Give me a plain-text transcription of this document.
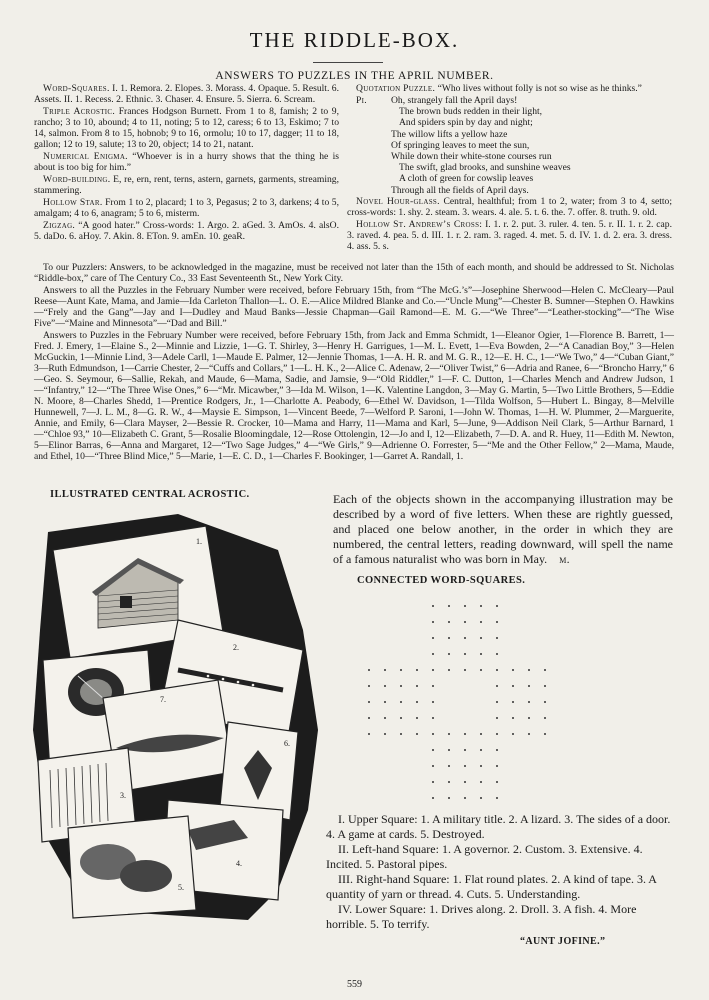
THE RIDDLE-BOX.
ANSWERS TO PUZZLES IN THE APRIL NUMBER.

Word-Squares. I. 1. Remora. 2. Elopes. 3. Morass. 4. Opaque. 5. Result. 6. Assets. II. 1. Recess. 2. Ethnic. 3. Chaser. 4. Ensure. 5. Sierra. 6. Scream.

Triple Acrostic. Frances Hodgson Burnett. From 1 to 8, famish; 2 to 9, rancho; 3 to 10, abound; 4 to 11, noting; 5 to 12, caress; 6 to 13, Eskimo; 7 to 14, salmon. From 8 to 15, hobnob; 9 to 16, ormolu; 10 to 17, dagger; 11 to 18, gallon; 12 to 19, salute; 13 to 20, object; 14 to 21, natant.

Numerical Enigma. “Whoever is in a hurry shows that the thing he is about is too big for him.”

Word-building. E, re, ern, rent, terns, astern, garnets, garments, streaming, stammering.

Hollow Star. From 1 to 2, placard; 1 to 3, Pegasus; 2 to 3, darkens; 4 to 5, amalgam; 4 to 6, anagram; 5 to 6, misterm.

Zigzag. “A good hater.” Cross-words: 1. Argo. 2. aGed. 3. AmOs. 4. alsO. 5. daDo. 6. aHoy. 7. Akin. 8. ETon. 9. amEn. 10. geaR.

Quotation Puzzle. “Who lives without folly is not so wise as he thinks.”

Pi.	Oh, strangely fall the April days!
The brown buds redden in their light,
And spiders spin by day and night;
The willow lifts a yellow haze
Of springing leaves to meet the sun,
While down their white-stone courses run
The swift, glad brooks, and sunshine weaves
A cloth of green for cowslip leaves
Through all the fields of April days.

Novel Hour-glass. Central, healthful; from 1 to 2, water; from 3 to 4, setto; cross-words: 1. shy. 2. steam. 3. wears. 4. ale. 5. t. 6. the. 7. offer. 8. truth. 9. old.

Hollow St. Andrew’s Cross: I. 1. r. 2. put. 3. ruler. 4. ten. 5. r. II. 1. r. 2. cap. 3. raved. 4. pea. 5. d. III. 1. r. 2. ram. 3. raged. 4. met. 5. d. IV. 1. d. 2. era. 3. dress. 4. ass. 5. s.

To our Puzzlers: Answers, to be acknowledged in the magazine, must be received not later than the 15th of each month, and should be addressed to St. Nicholas “Riddle-box,” care of The Century Co., 33 East Seventeenth St., New York City.

Answers to all the Puzzles in the February Number were received, before February 15th, from “The McG.’s”—Josephine Sherwood—Helen C. McCleary—Paul Reese—Aunt Kate, Mama, and Jamie—Ida Carleton Thallon—L. O. E.—Alice Mildred Blanke and Co.—“Uncle Mung”—Chester B. Sumner—Stephen O. Hawkins—“Frely and the Gang”—Jay and I—Dudley and Maud Banks—Jessie Chapman—Gail Ramond—E. M. G.—“We Three”—“Leather-stocking”—“The Wise Five”—“Maine and Minnesota”—“Dad and Bill.”

Answers to Puzzles in the February Number were received, before February 15th, from Jack and Emma Schmidt, 1—Eleanor Ogier, 1—Florence B. Barrett, 1—Fred. J. Emery, 1—Elaine S., 2—Minnie and Lizzie, 1—G. T. Shirley, 3—Henry H. Garrigues, 1—M. L. Evett, 1—Eva Bowden, 2—“A Canadian Boy,” 3—Helen McGuckin, 1—Minnie Lind, 3—Adele Carll, 1—Maude E. Palmer, 12—Jennie Thomas, 1—A. H. R. and M. G. R., 12—E. H. C., 1—“We Two,” 4—“Cuban Giant,” 3—Ruth Edmundson, 1—Carrie Chester, 2—“Cuffs and Collars,” 1—L. H. K., 2—Alice C. Adenaw, 2—“Oliver Twist,” 6—Adria and Ranee, 6—“Broncho Harry,” 6—Geo. S. Seymour, 6—Sallie, Rekah, and Maude, 6—Mama, Sadie, and Jamsie, 9—“Old Riddler,” 1—F. C. Dutton, 1—Charles Mench and Andrew Judson, 1—“Infantry,” 12—“The Three Wise Ones,” 6—“Mr. Micawber,” 3—Ida M. Wilson, 1—K. Valentine Langdon, 3—May G. Martin, 5—Two Little Brothers, 5—Eddie N. Moore, 8—Charles Shedd, 1—Prentice Rodgers, Jr., 1—Charlotte A. Peabody, 6—Ethel W. Davidson, 1—Tilda Wolfson, 5—Hubert L. Bingay, 8—Melville Hunnewell, 7—J. L. M., 8—G. R. W., 4—Maysie E. Simpson, 1—Vincent Beede, 7—Welford P. Saroni, 1—John W. Thomas, 1—H. W. Plummer, 2—Marguerite, Annie, and Emily, 6—Clara Mayser, 2—Bessie R. Crocker, 10—Mama and Harry, 11—Mama and Karl, 5—June, 9—Addison Neil Clark, 5—Arthur Barnard, 1—“Chloe 93,” 10—Elizabeth C. Grant, 5—Rosalie Bloomingdale, 12—Rose Ottolengin, 12—Jo and I, 12—Elizabeth, 7—D. A. and R. Huey, 11—Edith M. Newton, 5—Elinor Barras, 6—Anna and Margaret, 12—“Two Sage Judges,” 4—“We Girls,” 9—Adrienne O. Forrester, 5—“Me and the Other Fellow,” 2—Mama, Maude, and Ethel, 10—“Three Blind Mice,” 5—Marie, 1—E. C. D., 1—Charles F. Bookinger, 1—Garret A. Randall, 1.

ILLUSTRATED CENTRAL ACROSTIC.
1.
2.
7.
6.
3.
4.
5.
Each of the objects shown in the accompanying illustration may be described by a word of five letters. When these are rightly guessed, and placed one below another, in the order in which they are numbered, the central letters, reading downward, will spell the name of a famous naturalist who was born in May. m.
CONNECTED WORD-SQUARES.

I. Upper Square: 1. A military title. 2. A lizard. 3. The sides of a door. 4. A game at cards. 5. Destroyed.

II. Left-hand Square: 1. A governor. 2. Custom. 3. Extensive. 4. Incited. 5. Pastoral pipes.

III. Right-hand Square: 1. Flat round plates. 2. A kind of tape. 3. A quantity of yarn or thread. 4. Cuts. 5. Understanding.

IV. Lower Square: 1. Drives along. 2. Droll. 3. A fish. 4. More horrible. 5. To terrify.

“AUNT JOFINE.”
559
